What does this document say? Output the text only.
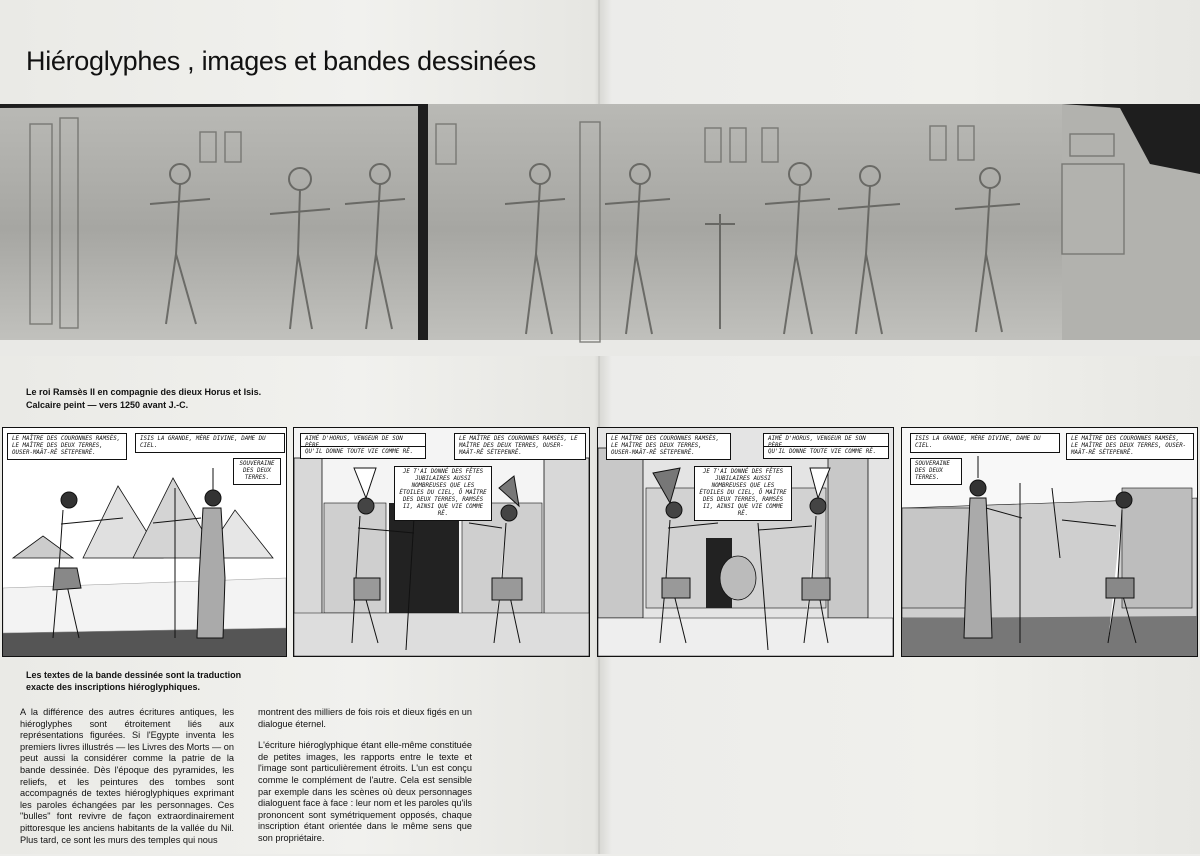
Hiéroglyphes , images et bandes dessinées
Le roi Ramsès II en compagnie des dieux Horus et Isis.
Calcaire peint — vers 1250 avant J.-C.
LE MAÎTRE DES COURONNES RAMSÈS, LE MAÎTRE DES DEUX TERRES, OUSER-MAÂT-RÊ SÉTEPENRÊ.
ISIS LA GRANDE, MÈRE DIVINE, DAME DU CIEL.
SOUVERAINE DES DEUX TERRES.
AIMÉ D'HORUS, VENGEUR DE SON
QU'IL DONNE TOUTE VIE COMME RÊ.
LE MAÎTRE DES COURONNES RAMSÈS, LE MAÎTRE DES DEUX TERRES, OUSER-MAÂT-RÊ SÉTEPENRÊ.
JE T'AI DONNÉ DES FÊTES JUBILAIRES AUSSI NOMBREUSES QUE LES ÉTOILES DU CIEL, Ô MAÎTRE DES DEUX TERRES, RAMSÈS II, AINSI QUE VIE COMME RÊ.
LE MAÎTRE DES COURONNES RAMSÈS, LE MAÎTRE DES DEUX TERRES, OUSER-MAÂT-RÊ SÉTEPENRÊ.
AIMÉ D'HORUS, VENGEUR DE SON
QU'IL DONNE TOUTE VIE COMME RÊ.
JE T'AI DONNÉ DES FÊTES JUBILAIRES AUSSI NOMBREUSES QUE LES ÉTOILES DU CIEL, Ô MAÎTRE DES DEUX TERRES, RAMSÈS II, AINSI QUE VIE COMME RÊ.
ISIS LA GRANDE, MÈRE DIVINE, DAME DU CIEL.
LE MAÎTRE DES COURONNES RAMSÈS, LE MAÎTRE DES DEUX TERRES, OUSER-MAÂT-RÊ SÉTEPENRÊ.
SOUVERAINE DES DEUX TERRES.
Les textes de la bande dessinée sont la traduction exacte des inscriptions hiéroglyphiques.

A la différence des autres écritures antiques, les hiéroglyphes sont étroitement liés aux représentations figurées. Si l'Egypte inventa les premiers livres illustrés — les Livres des Morts — on peut aussi la considérer comme la patrie de la bande dessinée. Dès l'époque des pyramides, les reliefs, et les peintures des tombes sont accompagnés de textes hiéroglyphiques exprimant les paroles échangées par les personnages. Ces "bulles" font revivre de façon extraordinairement pittoresque les anciens habitants de la vallée du Nil. Plus tard, ce sont les murs des temples qui nous

montrent des milliers de fois rois et dieux figés en un dialogue éternel.

L'écriture hiéroglyphique étant elle-même constituée de petites images, les rapports entre le texte et l'image sont particulièrement étroits. L'un est conçu comme le complément de l'autre. Cela est sensible par exemple dans les scènes où deux personnages dialoguent face à face : leur nom et les paroles qu'ils prononcent sont symétriquement opposés, chaque inscription étant orientée dans le même sens que son propriétaire.
